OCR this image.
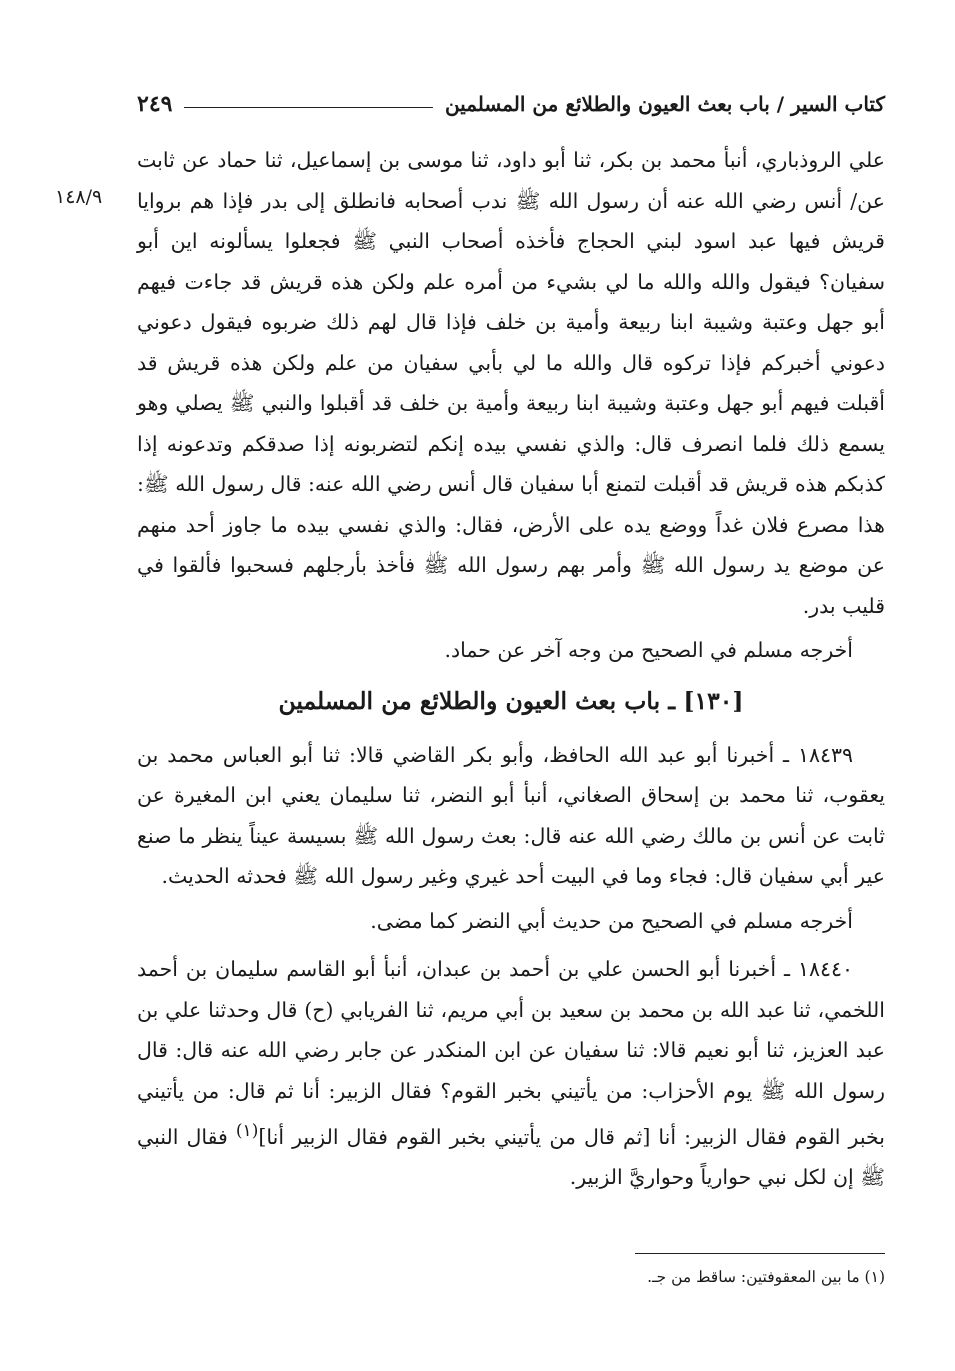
كتاب السير / باب بعث العيون والطلائع من المسلمين
٢٤٩
١٤٨/٩

علي الروذباري، أنبأ محمد بن بكر، ثنا أبو داود، ثنا موسى بن إسماعيل، ثنا حماد عن ثابت عن/ أنس رضي الله عنه أن رسول الله ﷺ ندب أصحابه فانطلق إلى بدر فإذا هم بروايا قريش فيها عبد اسود لبني الحجاج فأخذه أصحاب النبي ﷺ فجعلوا يسألونه اين أبو سفيان؟ فيقول والله والله ما لي بشيء من أمره علم ولكن هذه قريش قد جاءت فيهم أبو جهل وعتبة وشيبة ابنا ربيعة وأمية بن خلف فإذا قال لهم ذلك ضربوه فيقول دعوني دعوني أخبركم فإذا تركوه قال والله ما لي بأبي سفيان من علم ولكن هذه قريش قد أقبلت فيهم أبو جهل وعتبة وشيبة ابنا ربيعة وأمية بن خلف قد أقبلوا والنبي ﷺ يصلي وهو يسمع ذلك فلما انصرف قال: والذي نفسي بيده إنكم لتضربونه إذا صدقكم وتدعونه إذا كذبكم هذه قريش قد أقبلت لتمنع أبا سفيان قال أنس رضي الله عنه: قال رسول الله ﷺ: هذا مصرع فلان غداً ووضع يده على الأرض، فقال: والذي نفسي بيده ما جاوز أحد منهم عن موضع يد رسول الله ﷺ وأمر بهم رسول الله ﷺ فأخذ بأرجلهم فسحبوا فألقوا في قليب بدر.

أخرجه مسلم في الصحيح من وجه آخر عن حماد.

[١٣٠] ـ باب بعث العيون والطلائع من المسلمين

١٨٤٣٩ ـ أخبرنا أبو عبد الله الحافظ، وأبو بكر القاضي قالا: ثنا أبو العباس محمد بن يعقوب، ثنا محمد بن إسحاق الصغاني، أنبأ أبو النضر، ثنا سليمان يعني ابن المغيرة عن ثابت عن أنس بن مالك رضي الله عنه قال: بعث رسول الله ﷺ بسيسة عيناً ينظر ما صنع عير أبي سفيان قال: فجاء وما في البيت أحد غيري وغير رسول الله ﷺ فحدثه الحديث.

أخرجه مسلم في الصحيح من حديث أبي النضر كما مضى.

١٨٤٤٠ ـ أخبرنا أبو الحسن علي بن أحمد بن عبدان، أنبأ أبو القاسم سليمان بن أحمد اللخمي، ثنا عبد الله بن محمد بن سعيد بن أبي مريم، ثنا الفريابي (ح) قال وحدثنا علي بن عبد العزيز، ثنا أبو نعيم قالا: ثنا سفيان عن ابن المنكدر عن جابر رضي الله عنه قال: قال رسول الله ﷺ يوم الأحزاب: من يأتيني بخبر القوم؟ فقال الزبير: أنا ثم قال: من يأتيني بخبر القوم فقال الزبير: أنا [ثم قال من يأتيني بخبر القوم فقال الزبير أنا]$^{(١)}$ فقال النبي ﷺ إن لكل نبي حوارياً وحواريَّ الزبير.

(١) ما بين المعقوفتين: ساقط من جـ.
